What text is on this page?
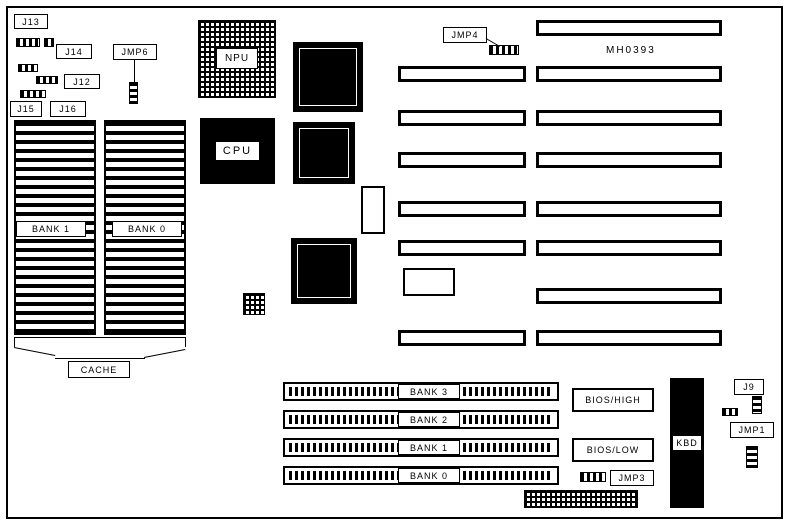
J13
J14
J12
J15	J16
JMP6
BANK 1	BANK 0
CACHE
NPU
CPU
JMP4
MH0393
BANK 3
BANK 2
BANK 1
BANK 0
BIOS/HIGH
BIOS/LOW
JMP3
KBD
J9
JMP1
